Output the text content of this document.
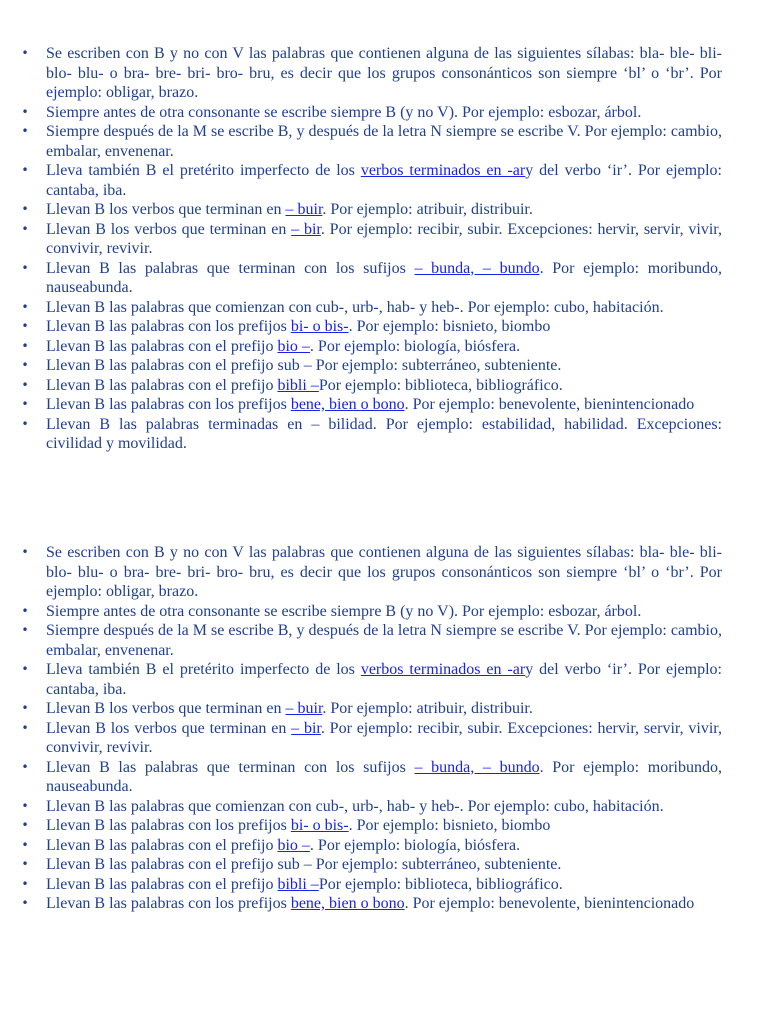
• Se escriben con B y no con V las palabras que contienen alguna de las siguientes sílabas: bla- ble- bli- blo- blu- o bra- bre- bri- bro- bru, es decir que los grupos consonánticos son siempre ‘bl’ o ‘br’. Por ejemplo: obligar, brazo.
• Siempre antes de otra consonante se escribe siempre B (y no V). Por ejemplo: esbozar, árbol.
• Siempre después de la M se escribe B, y después de la letra N siempre se escribe V. Por ejemplo: cambio, embalar, envenenar.
• Lleva también B el pretérito imperfecto de los verbos terminados en -ary del verbo ‘ir’. Por ejemplo: cantaba, iba.
• Llevan B los verbos que terminan en – buir. Por ejemplo: atribuir, distribuir.
• Llevan B los verbos que terminan en – bir. Por ejemplo: recibir, subir. Excepciones: hervir, servir, vivir, convivir, revivir.
• Llevan B las palabras que terminan con los sufijos – bunda, – bundo. Por ejemplo: moribundo, nauseabunda.
• Llevan B las palabras que comienzan con cub-, urb-, hab- y heb-. Por ejemplo: cubo, habitación.
• Llevan B las palabras con los prefijos bi- o bis-. Por ejemplo: bisnieto, biombo
• Llevan B las palabras con el prefijo bio –. Por ejemplo: biología, biósfera.
• Llevan B las palabras con el prefijo sub – Por ejemplo: subterráneo, subteniente.
• Llevan B las palabras con el prefijo bibli –Por ejemplo: biblioteca, bibliográfico.
• Llevan B las palabras con los prefijos bene, bien o bono. Por ejemplo: benevolente, bienintencionado
• Llevan B las palabras terminadas en – bilidad. Por ejemplo: estabilidad, habilidad. Excepciones: civilidad y movilidad.
• Se escriben con B y no con V las palabras que contienen alguna de las siguientes sílabas: bla- ble- bli- blo- blu- o bra- bre- bri- bro- bru, es decir que los grupos consonánticos son siempre ‘bl’ o ‘br’. Por ejemplo: obligar, brazo.
• Siempre antes de otra consonante se escribe siempre B (y no V). Por ejemplo: esbozar, árbol.
• Siempre después de la M se escribe B, y después de la letra N siempre se escribe V. Por ejemplo: cambio, embalar, envenenar.
• Lleva también B el pretérito imperfecto de los verbos terminados en -ary del verbo ‘ir’. Por ejemplo: cantaba, iba.
• Llevan B los verbos que terminan en – buir. Por ejemplo: atribuir, distribuir.
• Llevan B los verbos que terminan en – bir. Por ejemplo: recibir, subir. Excepciones: hervir, servir, vivir, convivir, revivir.
• Llevan B las palabras que terminan con los sufijos – bunda, – bundo. Por ejemplo: moribundo, nauseabunda.
• Llevan B las palabras que comienzan con cub-, urb-, hab- y heb-. Por ejemplo: cubo, habitación.
• Llevan B las palabras con los prefijos bi- o bis-. Por ejemplo: bisnieto, biombo
• Llevan B las palabras con el prefijo bio –. Por ejemplo: biología, biósfera.
• Llevan B las palabras con el prefijo sub – Por ejemplo: subterráneo, subteniente.
• Llevan B las palabras con el prefijo bibli –Por ejemplo: biblioteca, bibliográfico.
• Llevan B las palabras con los prefijos bene, bien o bono. Por ejemplo: benevolente, bienintencionado
